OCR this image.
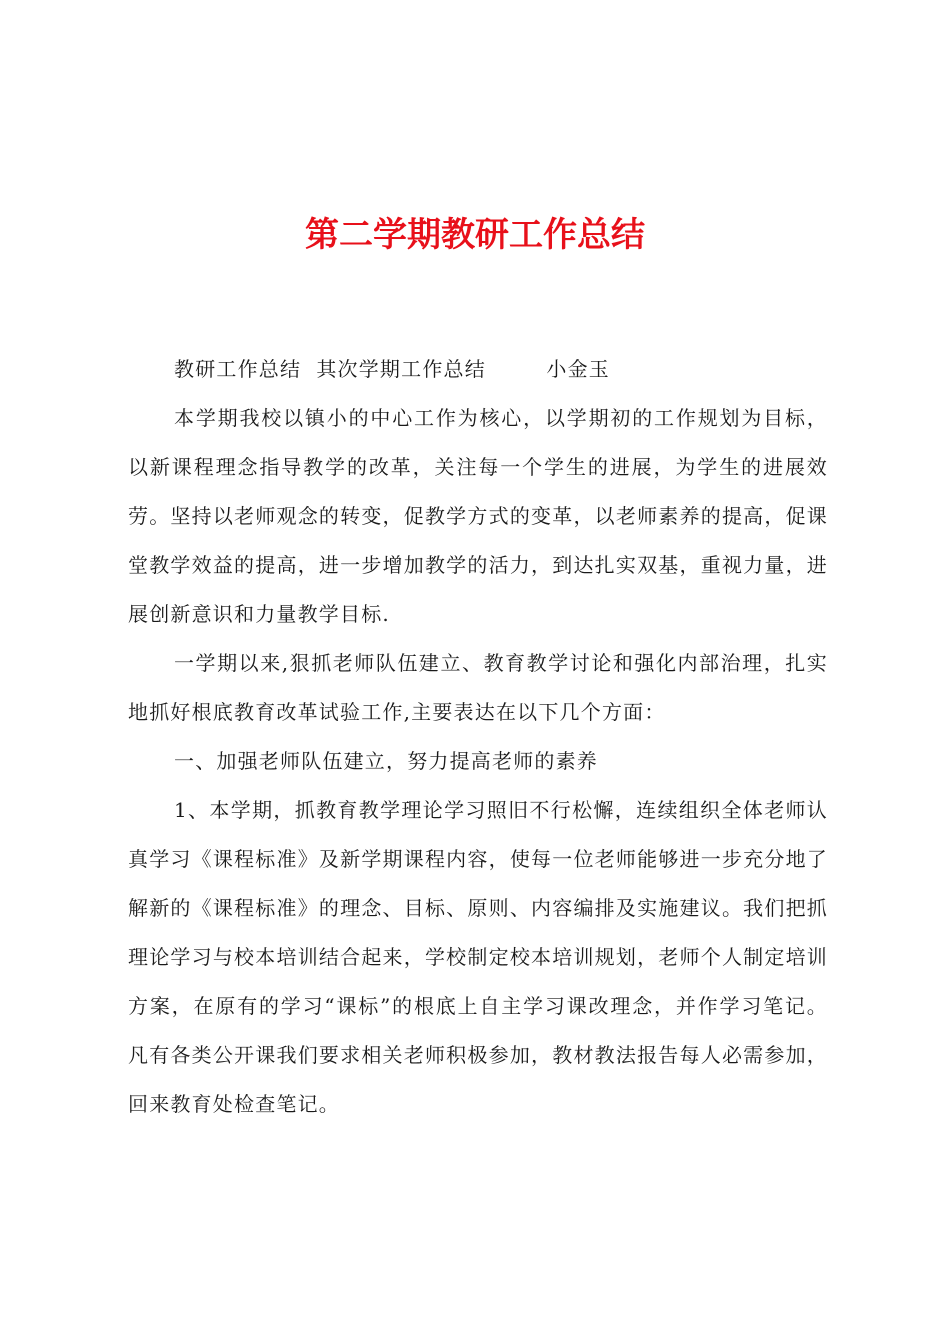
第二学期教研工作总结

教研工作总结  其次学期工作总结        小金玉

本学期我校以镇小的中心工作为核心，以学期初的工作规划为目标，以新课程理念指导教学的改革，关注每一个学生的进展，为学生的进展效劳。坚持以老师观念的转变，促教学方式的变革，以老师素养的提高，促课堂教学效益的提高，进一步增加教学的活力，到达扎实双基，重视力量，进展创新意识和力量教学目标.

一学期以来,狠抓老师队伍建立、教育教学讨论和强化内部治理，扎实地抓好根底教育改革试验工作,主要表达在以下几个方面：

一、加强老师队伍建立，努力提高老师的素养

1、本学期，抓教育教学理论学习照旧不行松懈，连续组织全体老师认真学习《课程标准》及新学期课程内容，使每一位老师能够进一步充分地了解新的《课程标准》的理念、目标、原则、内容编排及实施建议。我们把抓理论学习与校本培训结合起来，学校制定校本培训规划，老师个人制定培训方案，在原有的学习“课标”的根底上自主学习课改理念，并作学习笔记。凡有各类公开课我们要求相关老师积极参加，教材教法报告每人必需参加，回来教育处检查笔记。
